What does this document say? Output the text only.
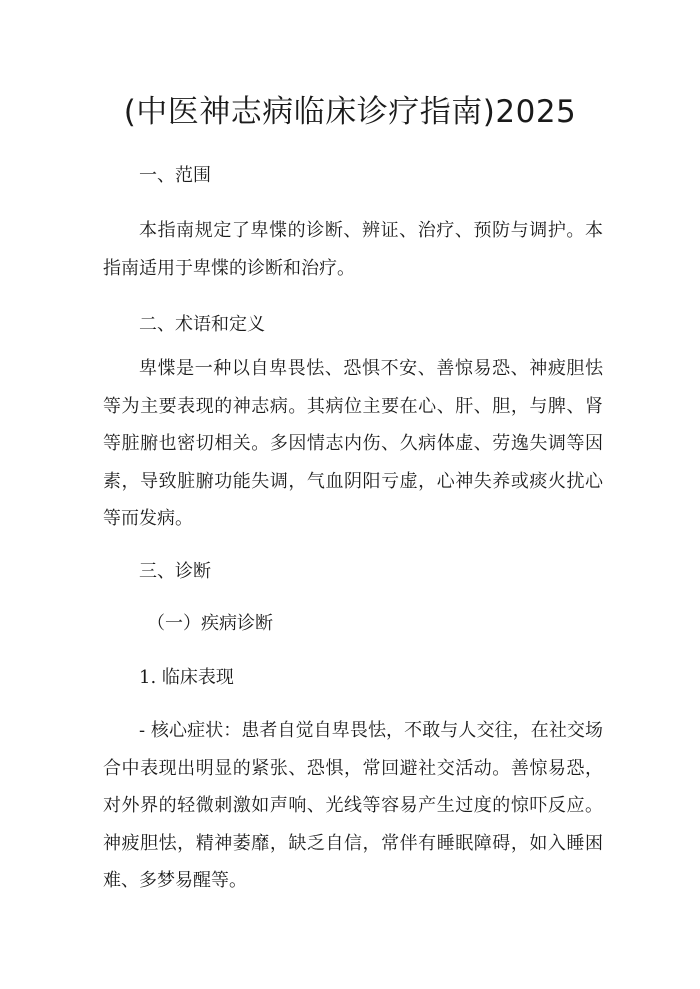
(中医神志病临床诊疗指南)2025

一、范围

本指南规定了卑惵的诊断、辨证、治疗、预防与调护。本指南适用于卑惵的诊断和治疗。

二、术语和定义

卑惵是一种以自卑畏怯、恐惧不安、善惊易恐、神疲胆怯等为主要表现的神志病。其病位主要在心、肝、胆，与脾、肾等脏腑也密切相关。多因情志内伤、久病体虚、劳逸失调等因素，导致脏腑功能失调，气血阴阳亏虚，心神失养或痰火扰心等而发病。

三、诊断

（一）疾病诊断

1. 临床表现

- 核心症状：患者自觉自卑畏怯，不敢与人交往，在社交场合中表现出明显的紧张、恐惧，常回避社交活动。善惊易恐，对外界的轻微刺激如声响、光线等容易产生过度的惊吓反应。神疲胆怯，精神萎靡，缺乏自信，常伴有睡眠障碍，如入睡困难、多梦易醒等。
